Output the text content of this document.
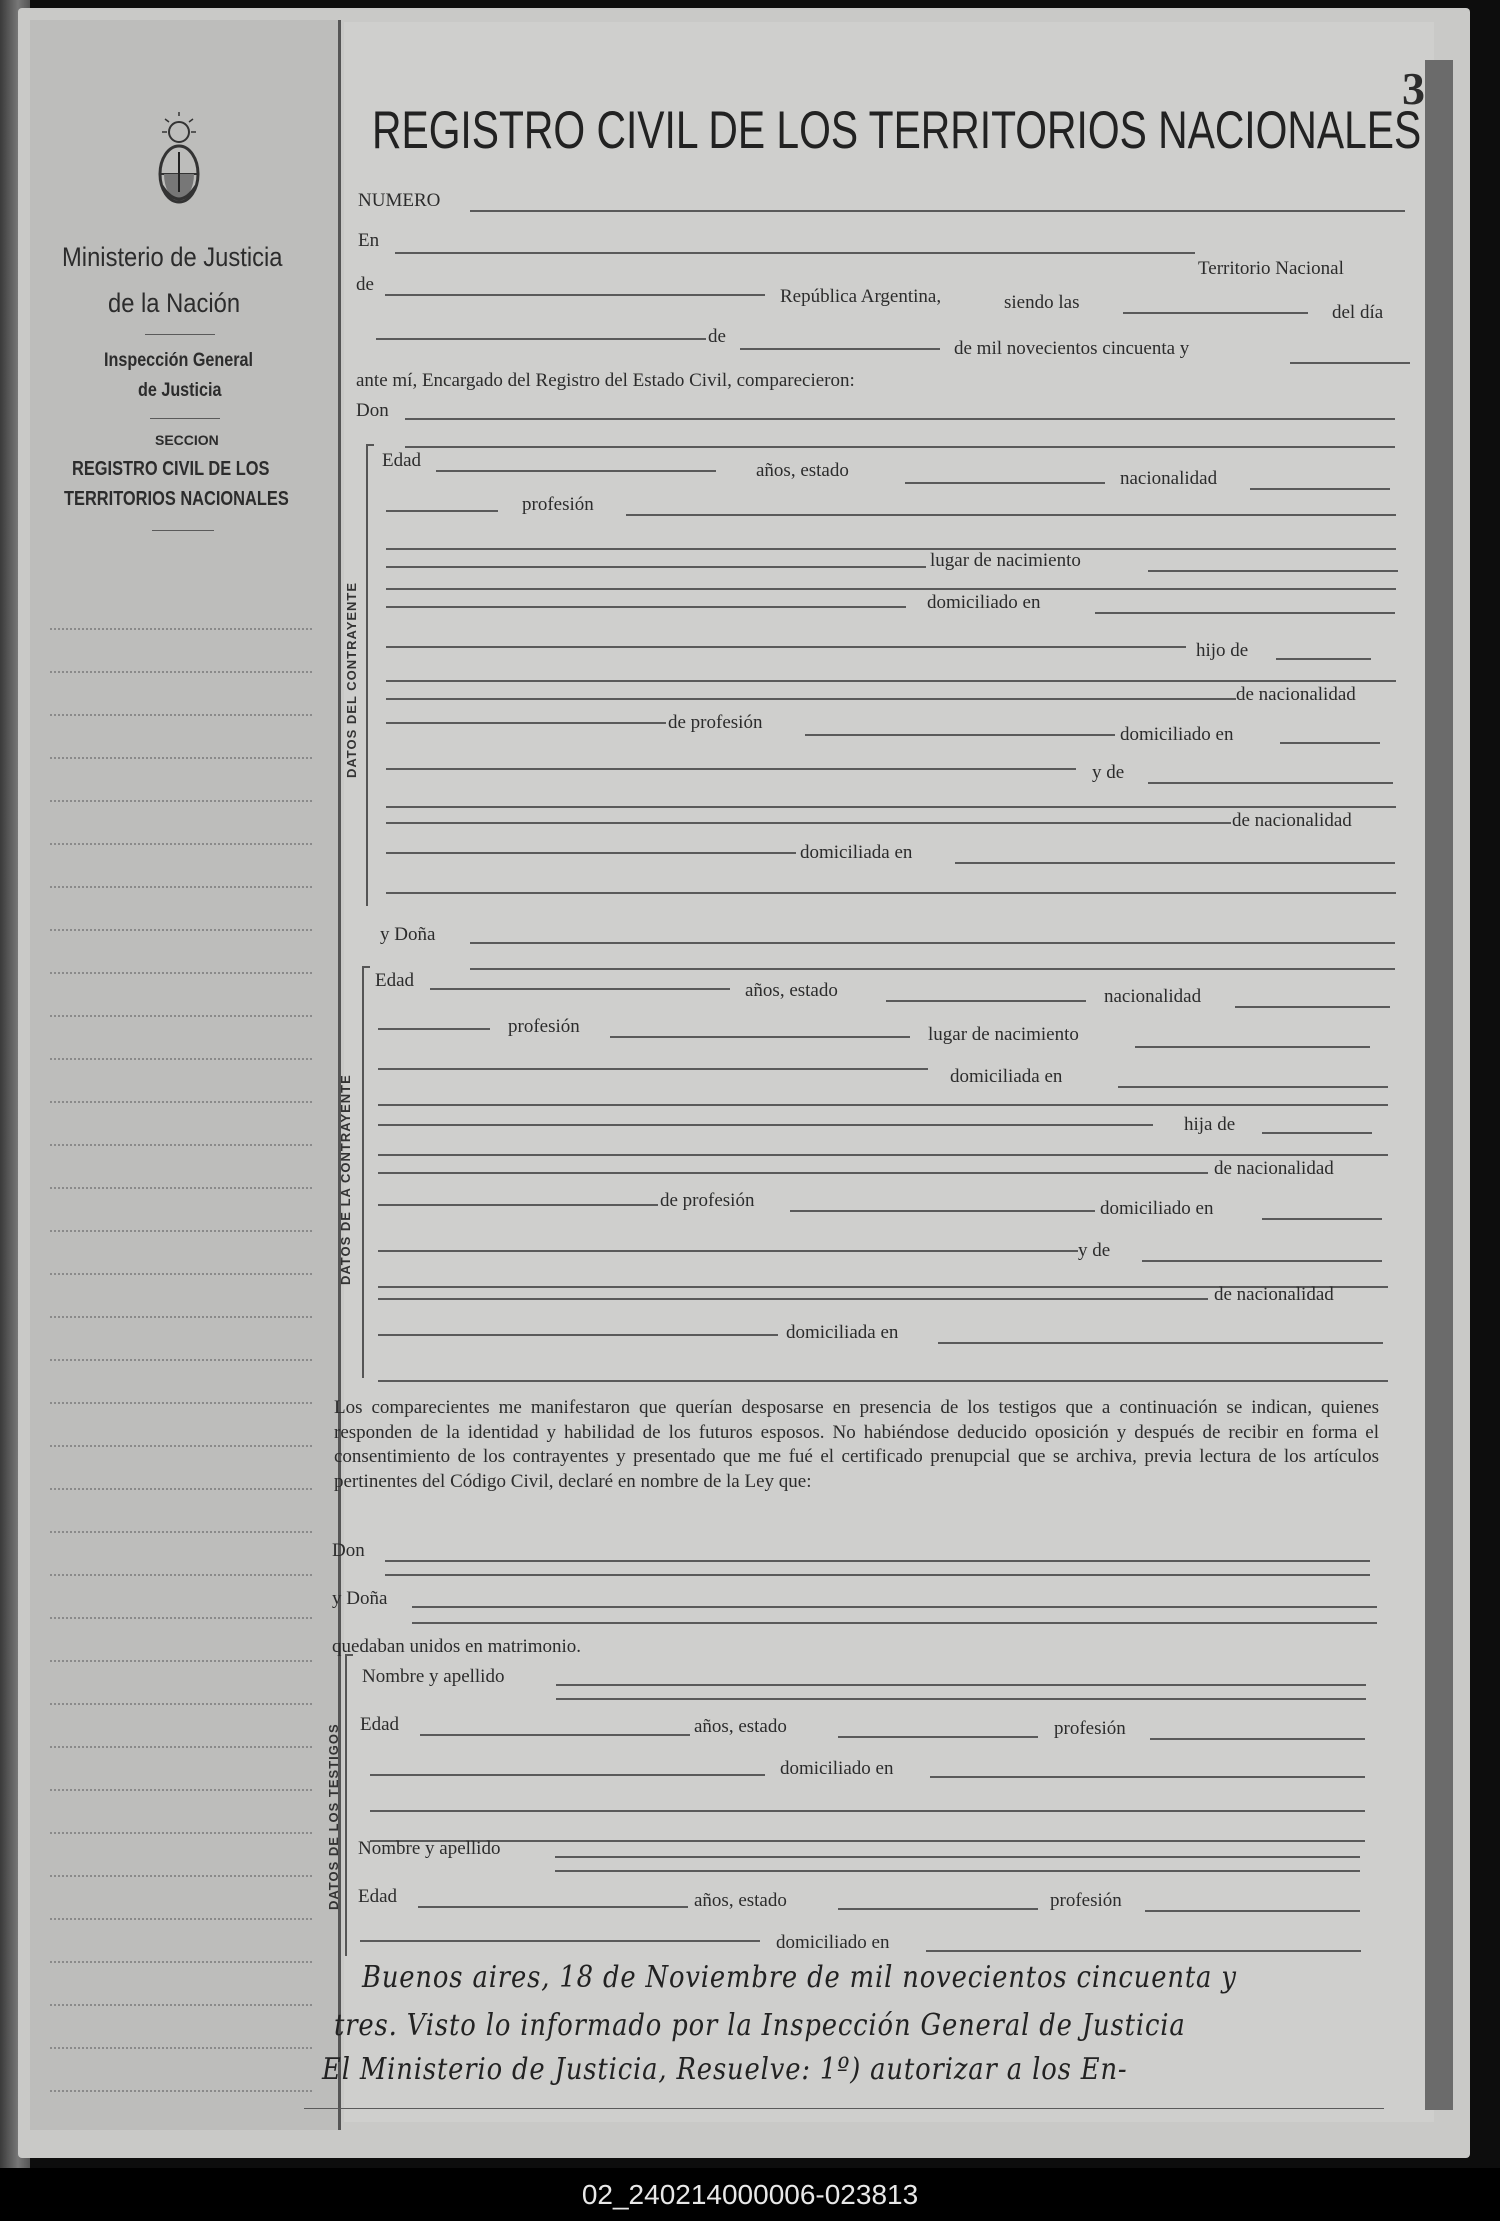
Ministerio de Justicia
de la Nación
Inspección General
de Justicia
SECCION
REGISTRO CIVIL DE LOS
TERRITORIOS NACIONALES
3
REGISTRO CIVIL DE LOS TERRITORIOS NACIONALES
NUMERO
En
Territorio Nacional
de
República Argentina,	siendo las	del día
de
de mil novecientos cincuenta y
ante mí, Encargado del Registro del Estado Civil, comparecieron:
Don
DATOS DEL CONTRAYENTE
Edad	años, estado	nacionalidad
profesión
lugar de nacimiento
domiciliado en
hijo de
de nacionalidad
de profesión
domiciliado en
y de
de nacionalidad
domiciliada en
y Doña
DATOS DE LA CONTRAYENTE
Edad	años, estado	nacionalidad
profesión	lugar de nacimiento
domiciliada en
hija de
de nacionalidad
de profesión	domiciliado en
y de
de nacionalidad
domiciliada en
Los comparecientes me manifestaron que querían desposarse en presencia de los testigos que a continuación se indican, quienes responden de la identidad y habilidad de los futuros esposos. No habiéndose deducido oposición y después de recibir en forma el consentimiento de los contrayentes y presentado que me fué el certificado prenupcial que se archiva, previa lectura de los artículos pertinentes del Código Civil, declaré en nombre de la Ley que:
Don
y Doña
quedaban unidos en matrimonio.
DATOS DE LOS TESTIGOS
Nombre y apellido
Edad	años, estado	profesión
domiciliado en
Nombre y apellido
Edad	años, estado	profesión
domiciliado en
Buenos aires, 18 de Noviembre de mil novecientos cincuenta y
tres. Visto lo informado por la Inspección General de Justicia
El Ministerio de Justicia, Resuelve: 1º) autorizar a los En-
02_240214000006-023813
